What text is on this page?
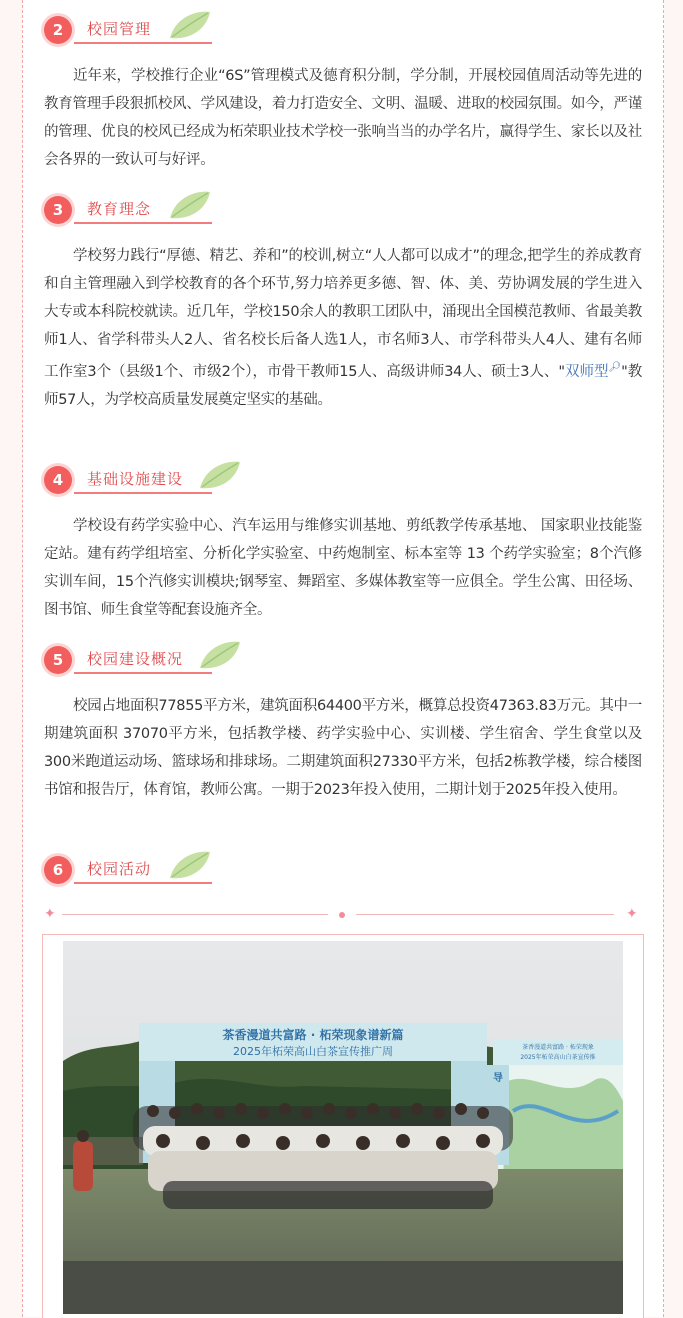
2	校园管理
近年来，学校推行企业“6S”管理模式及德育积分制，学分制，开展校园值周活动等先进的教育管理手段狠抓校风、学风建设，着力打造安全、文明、温暖、进取的校园氛围。如今，严谨的管理、优良的校风已经成为柘荣职业技术学校一张响当当的办学名片，赢得学生、家长以及社会各界的一致认可与好评。
3	教育理念
学校努力践行“厚德、精艺、养和”的校训,树立“人人都可以成才”的理念,把学生的养成教育和自主管理融入到学校教育的各个环节,努力培养更多德、智、体、美、劳协调发展的学生进入大专或本科院校就读。近几年，学校150余人的教职工团队中，涌现出全国模范教师、省最美教师1人、省学科带头人2人、省名校长后备人选1人，市名师3人、市学科带头人4人、建有名师工作室3个（县级1个、市级2个），市骨干教师15人、高级讲师34人、硕士3人、"双师型🔎︎"教师57人，为学校高质量发展奠定坚实的基础。
4	基础设施建设
学校设有药学实验中心、汽车运用与维修实训基地、剪纸教学传承基地、 国家职业技能鉴定站。建有药学组培室、分析化学实验室、中药炮制室、标本室等 13 个药学实验室；8个汽修实训车间，15个汽修实训模块;钢琴室、舞蹈室、多媒体教室等一应俱全。学生公寓、田径场、图书馆、师生食堂等配套设施齐全。
5	校园建设概况
校园占地面积77855平方米，建筑面积64400平方米，概算总投资47363.83万元。其中一期建筑面积 37070平方米，包括教学楼、药学实验中心、实训楼、学生宿舍、学生食堂以及300米跑道运动场、篮球场和排球场。二期建筑面积27330平方米，包括2栋教学楼，综合楼图书馆和报告厅，体育馆，教师公寓。一期于2023年投入使用，二期计划于2025年投入使用。
6	校园活动
✦	✦
茶香漫道共富路 · 柘荣现象谱新篇
2025年柘荣高山白茶宣传推广周	茶香漫道共富路 · 柘荣现象
2025年柘荣高山白茶宣传推
导
